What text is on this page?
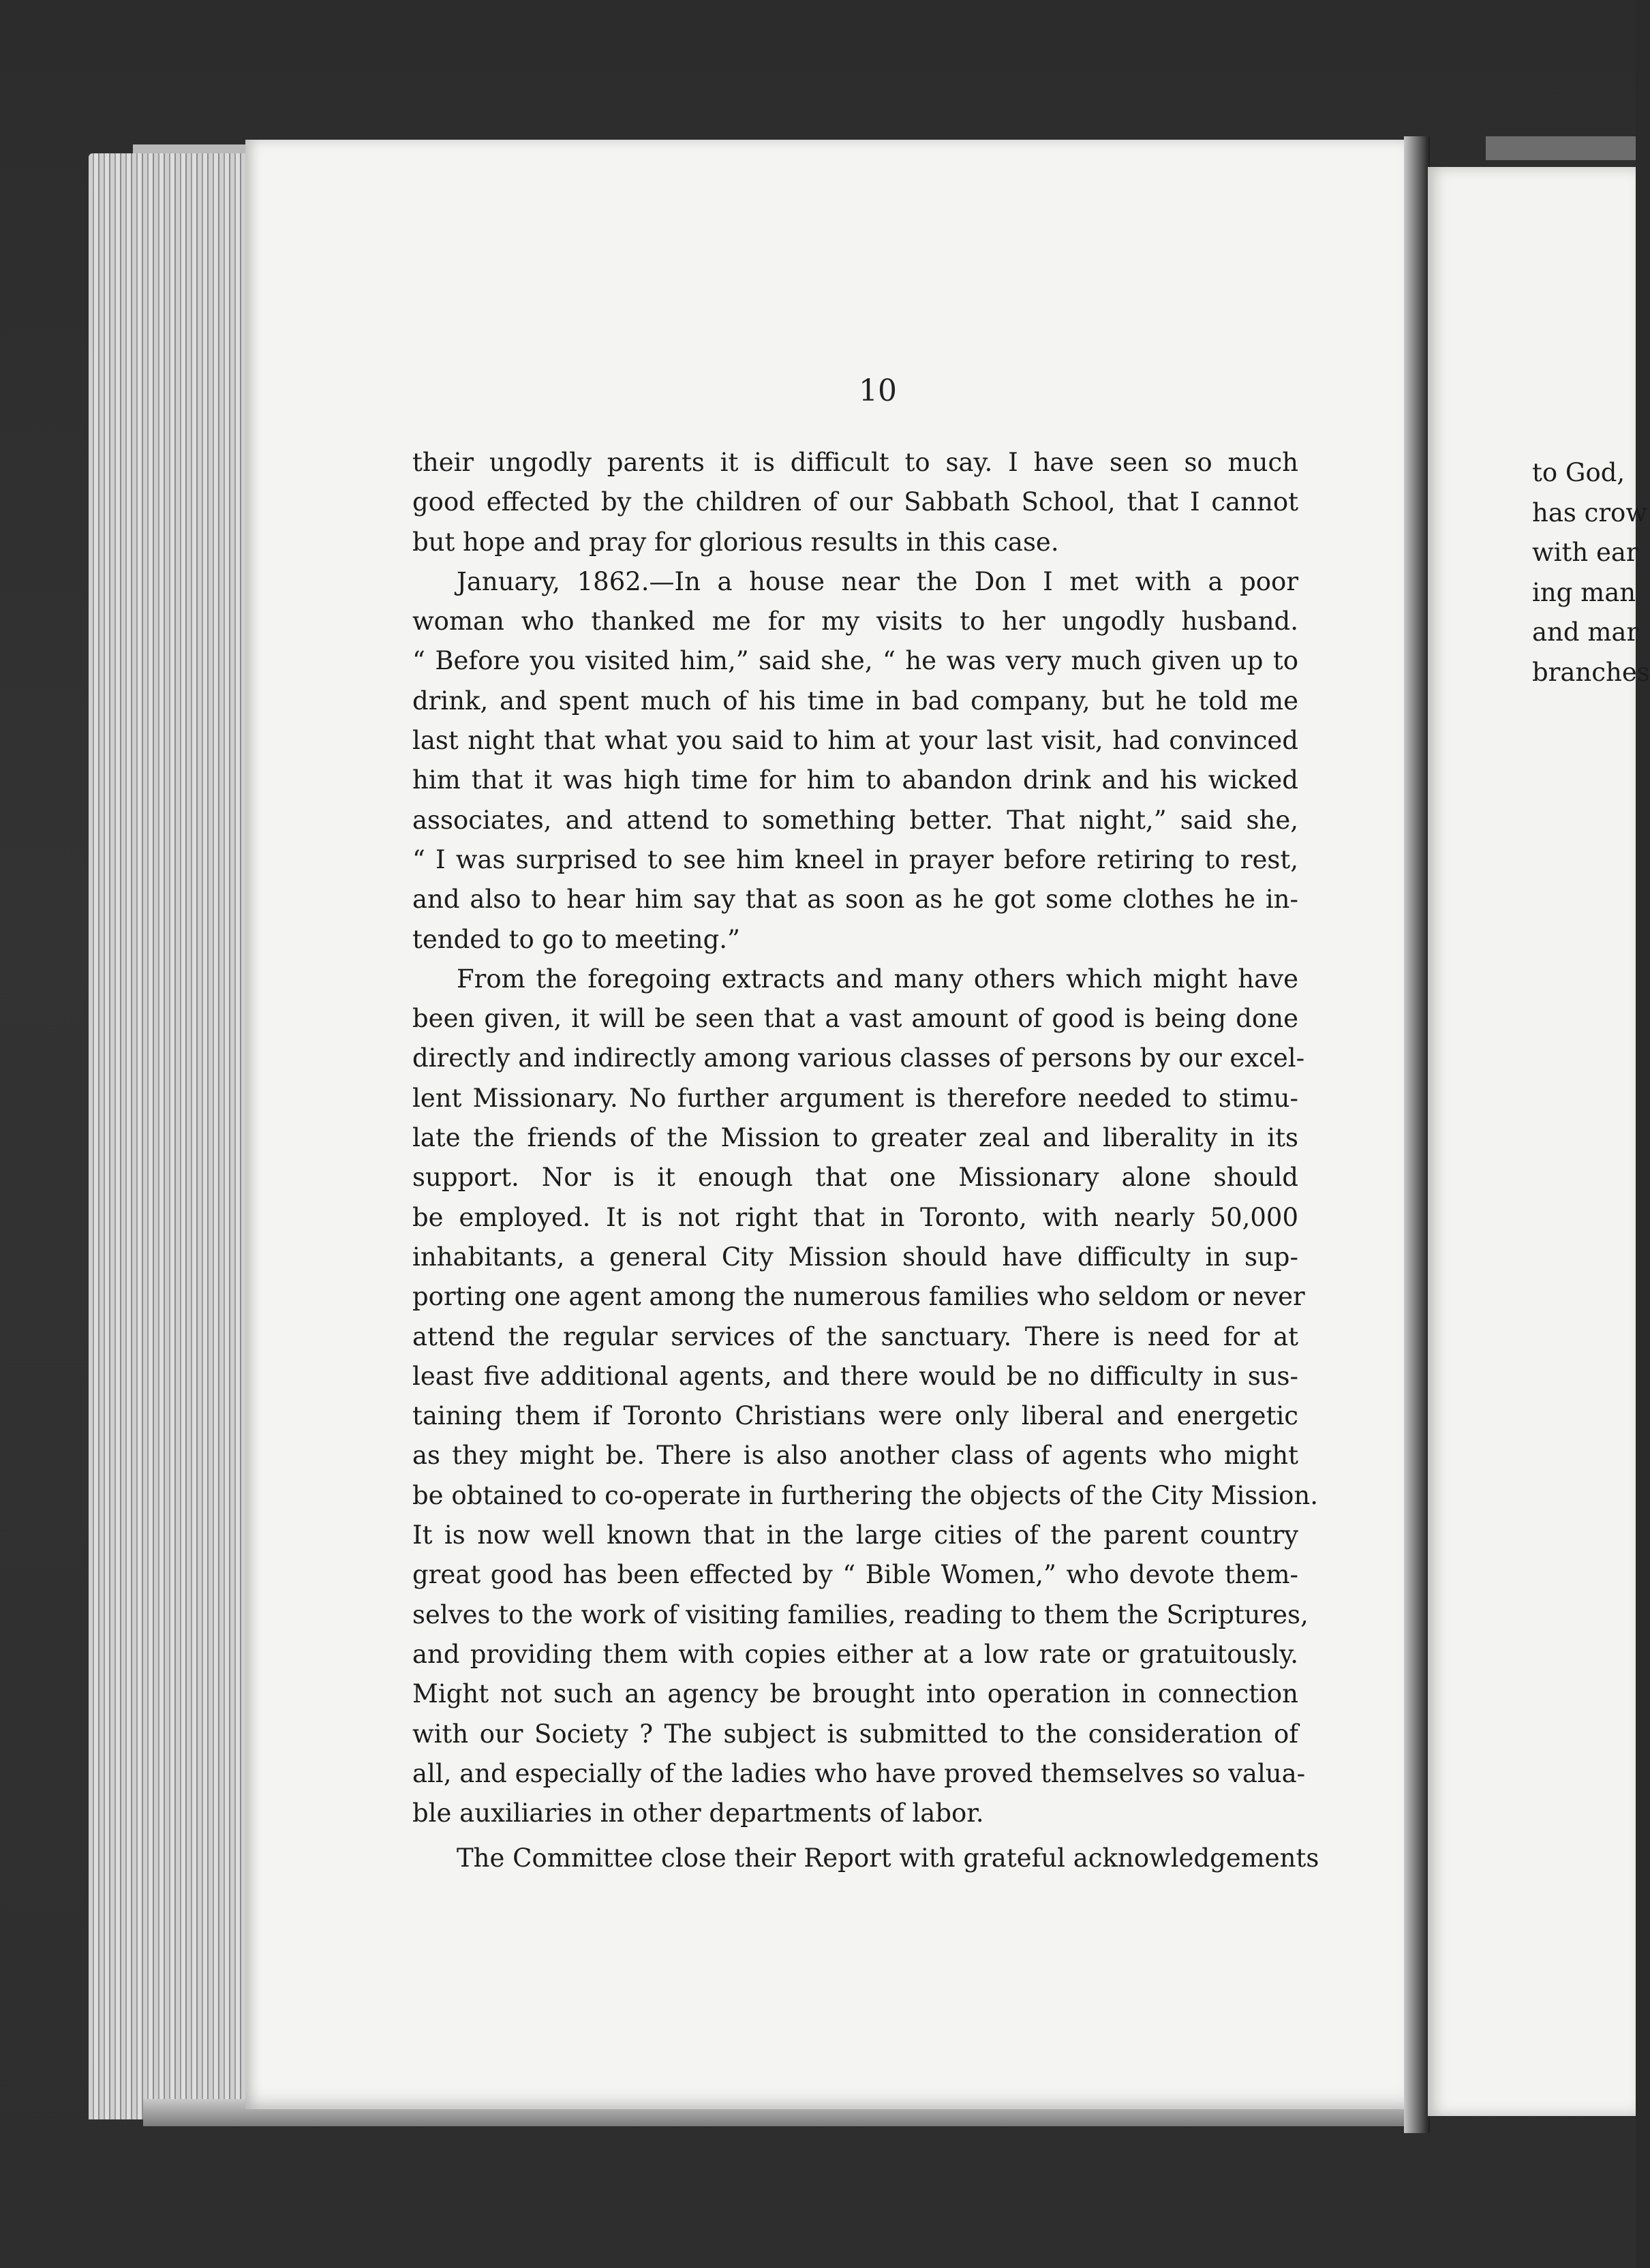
10
their ungodly parents it is difficult to say. I have seen so much
good effected by the children of our Sabbath School, that I cannot
but hope and pray for glorious results in this case.
January, 1862.—In a house near the Don I met with a poor
woman who thanked me for my visits to her ungodly husband.
“ Before you visited him,” said she, “ he was very much given up to
drink, and spent much of his time in bad company, but he told me
last night that what you said to him at your last visit, had convinced
him that it was high time for him to abandon drink and his wicked
associates, and attend to something better. That night,” said she,
“ I was surprised to see him kneel in prayer before retiring to rest,
and also to hear him say that as soon as he got some clothes he in-
tended to go to meeting.”
From the foregoing extracts and many others which might have
been given, it will be seen that a vast amount of good is being done
directly and indirectly among various classes of persons by our excel-
lent Missionary. No further argument is therefore needed to stimu-
late the friends of the Mission to greater zeal and liberality in its
support. Nor is it enough that one Missionary alone should
be employed. It is not right that in Toronto, with nearly 50,000
inhabitants, a general City Mission should have difficulty in sup-
porting one agent among the numerous families who seldom or never
attend the regular services of the sanctuary. There is need for at
least five additional agents, and there would be no difficulty in sus-
taining them if Toronto Christians were only liberal and energetic
as they might be. There is also another class of agents who might
be obtained to co-operate in furthering the objects of the City Mission.
It is now well known that in the large cities of the parent country
great good has been effected by “ Bible Women,” who devote them-
selves to the work of visiting families, reading to them the Scriptures,
and providing them with copies either at a low rate or gratuitously.
Might not such an agency be brought into operation in connection
with our Society ? The subject is submitted to the consideration of
all, and especially of the ladies who have proved themselves so valua-
ble auxiliaries in other departments of labor.
The Committee close their Report with grateful acknowledgements
to God,
has crow
with ear
ing man
and mar
branches
